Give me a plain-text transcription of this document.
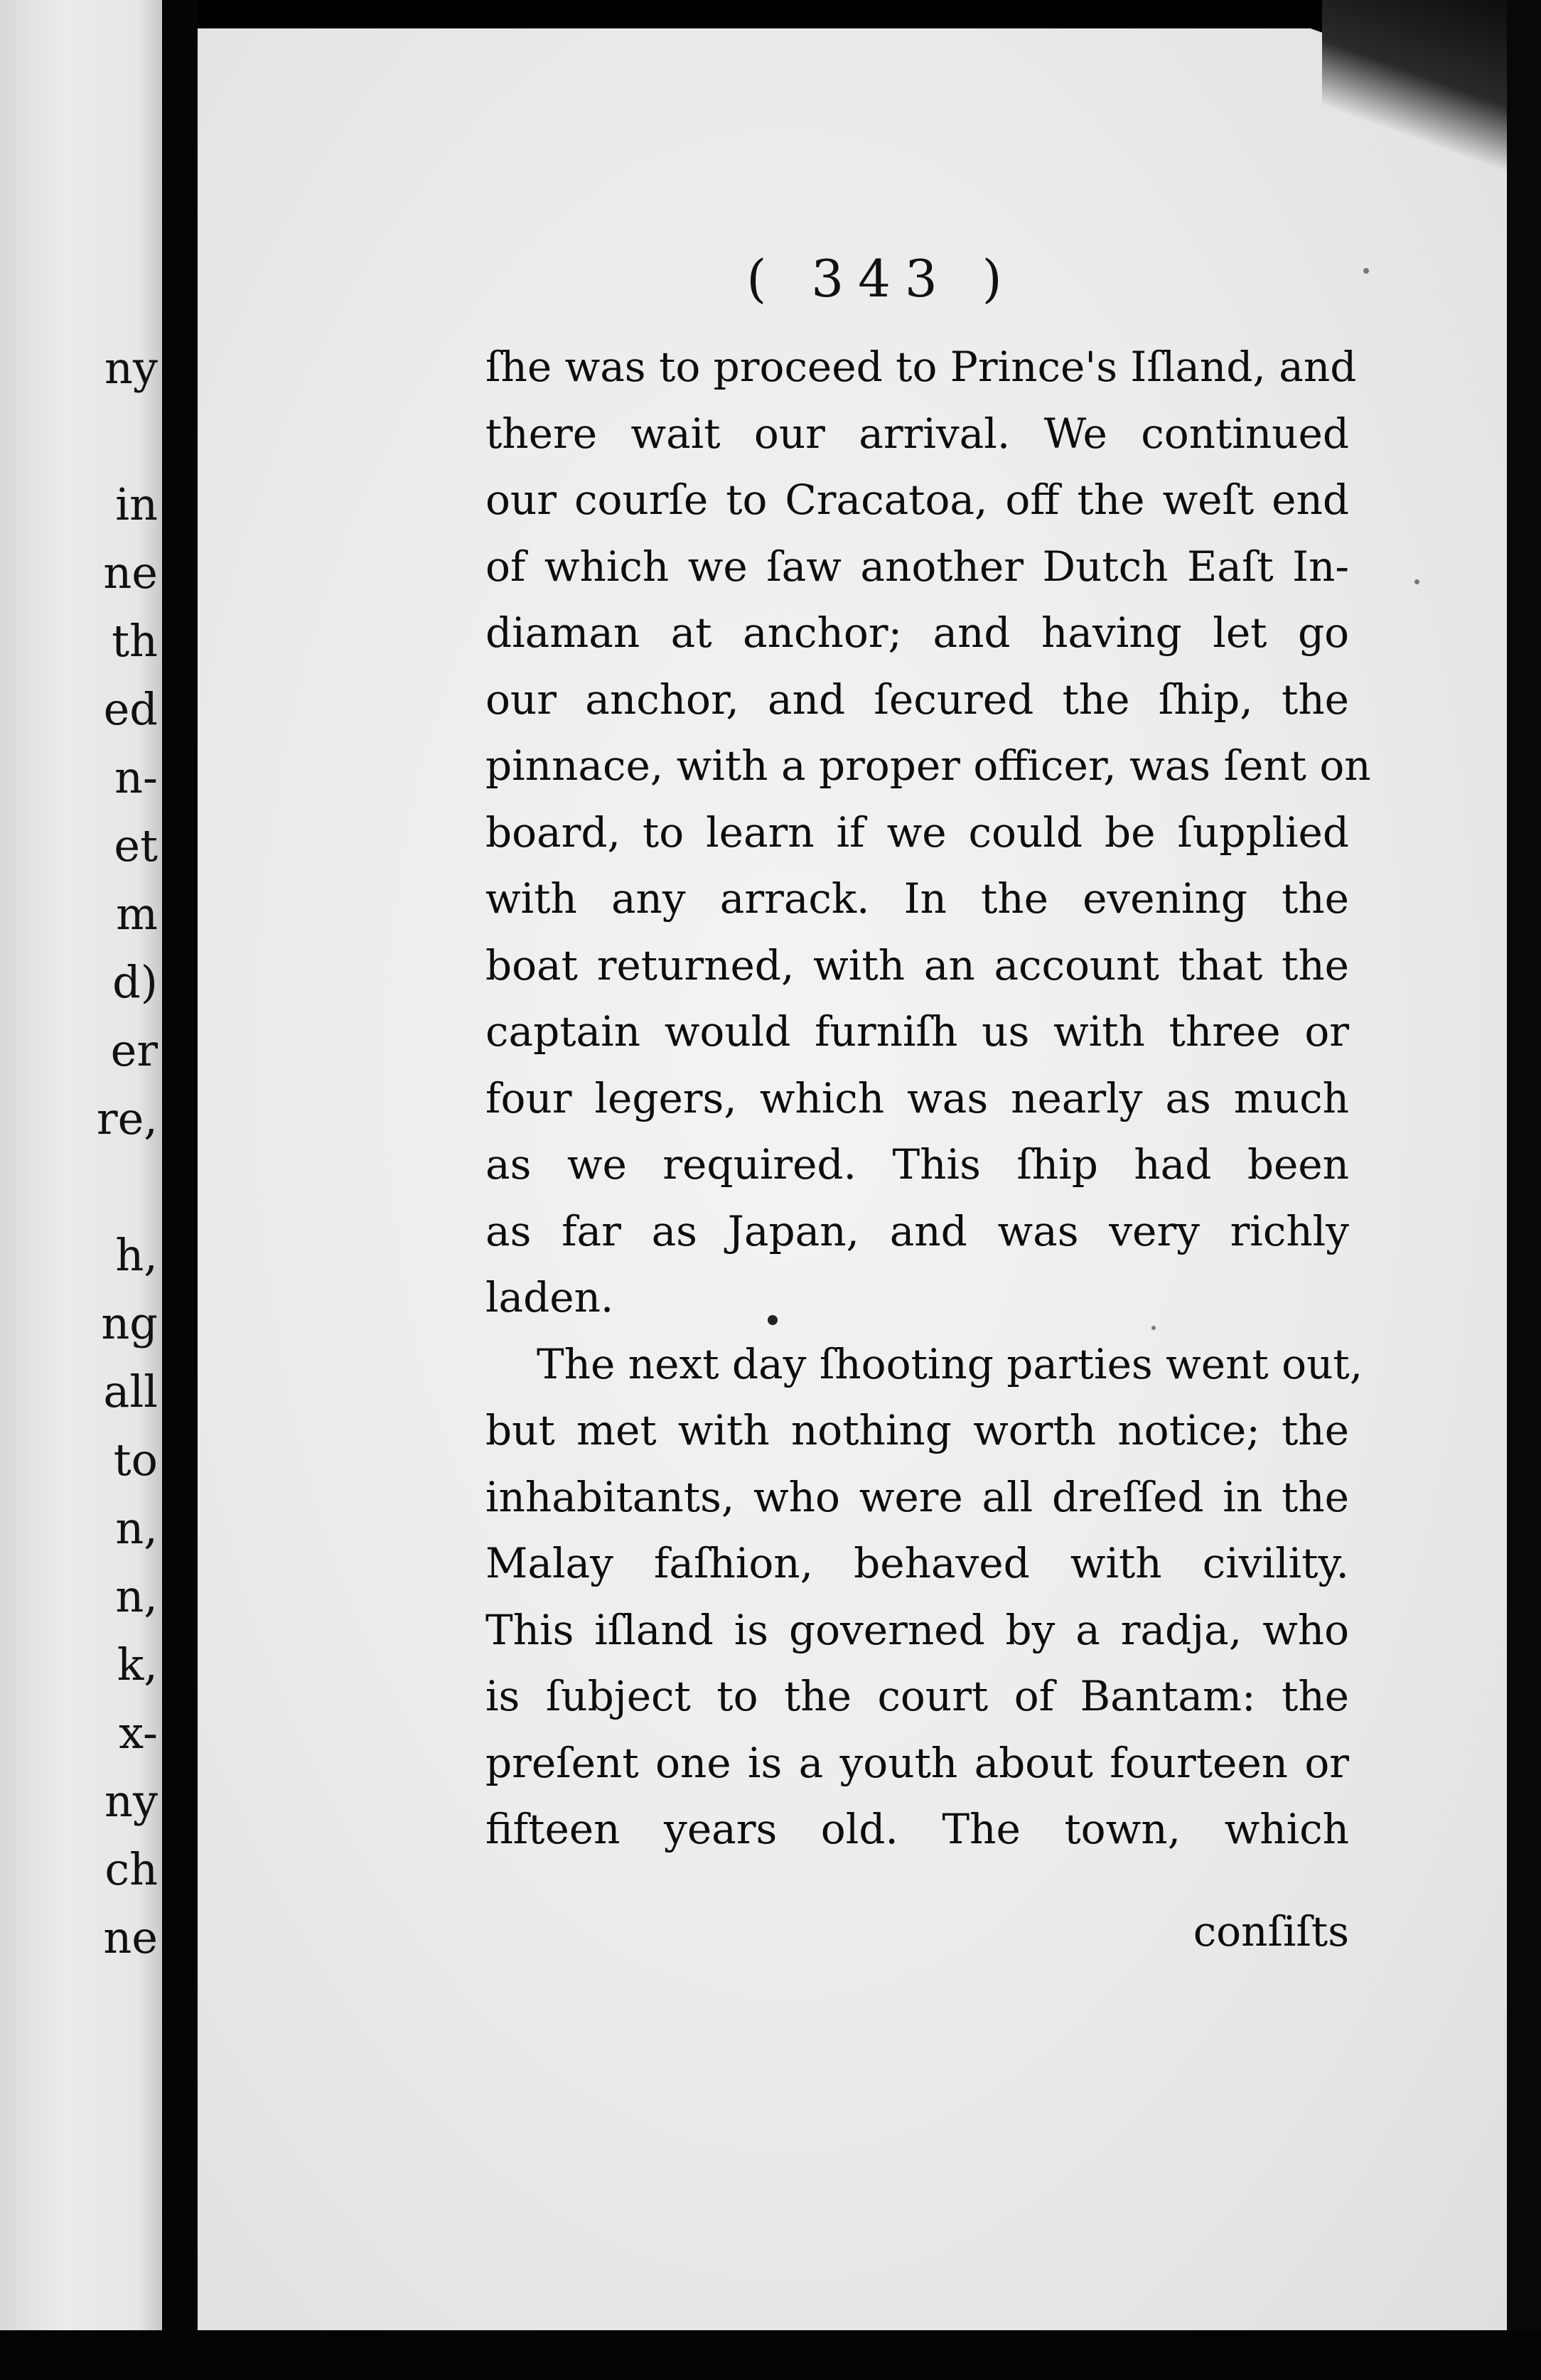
ny
in
ne
th
ed
n-
et
m
d)
er
re,
h,
ng
all
to
n,
n,
k,
x-
ny
ch
ne
( 343 )
ſhe was to proceed to Prince's Iſland, and
there wait our arrival. We continued
our courſe to Cracatoa, off the weſt end
of which we ſaw another Dutch Eaſt In-
diaman at anchor; and having let go
our anchor, and ſecured the ſhip, the
pinnace, with a proper officer, was ſent on
board, to learn if we could be ſupplied
with any arrack. In the evening the
boat returned, with an account that the
captain would furniſh us with three or
four legers, which was nearly as much
as we required. This ſhip had been
as far as Japan, and was very richly
laden.
The next day ſhooting parties went out,
but met with nothing worth notice; the
inhabitants, who were all dreſſed in the
Malay faſhion, behaved with civility.
This iſland is governed by a radja, who
is ſubject to the court of Bantam: the
preſent one is a youth about fourteen or
fifteen years old. The town, which
conſiſts
